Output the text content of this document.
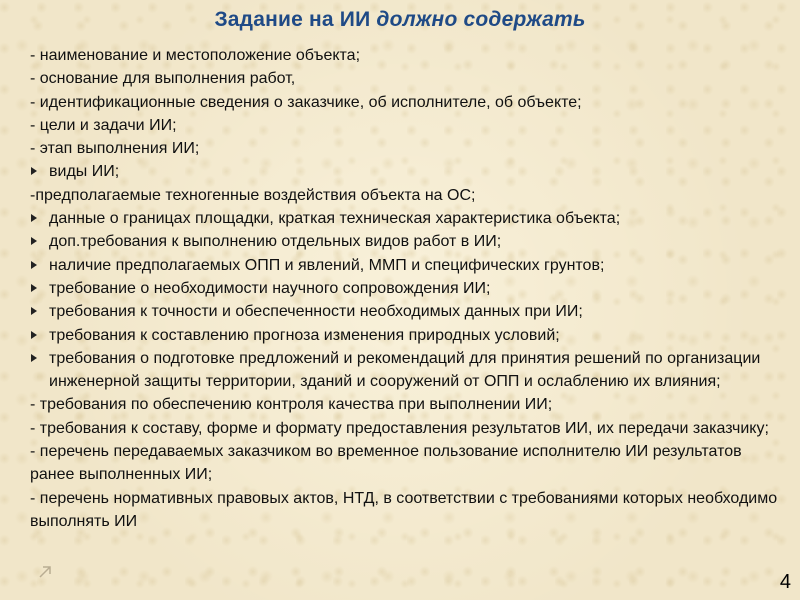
Задание на ИИ должно содержать
- наименование и местоположение объекта;
- основание для выполнения работ,
- идентификационные сведения о заказчике, об исполнителе, об объекте;
- цели и задачи ИИ;
- этап выполнения ИИ;
виды ИИ;
-предполагаемые техногенные воздействия объекта на ОС;
данные о границах площадки, краткая техническая характеристика объекта;
доп.требования к выполнению отдельных видов работ в ИИ;
наличие предполагаемых ОПП и явлений, ММП и специфических грунтов;
требование о необходимости научного сопровождения ИИ;
требования к точности и обеспеченности необходимых данных при ИИ;
требования к составлению прогноза изменения природных условий;
требования о подготовке предложений и рекомендаций для принятия решений по организации инженерной защиты территории, зданий и сооружений от ОПП и ослаблению их влияния;
- требования по обеспечению контроля качества при выполнении ИИ;
- требования к составу, форме и формату предоставления результатов ИИ, их передачи заказчику;
- перечень передаваемых заказчиком во временное пользование исполнителю ИИ результатов ранее выполненных ИИ;
- перечень нормативных правовых актов, НТД, в соответствии с требованиями которых необходимо выполнять ИИ
4
